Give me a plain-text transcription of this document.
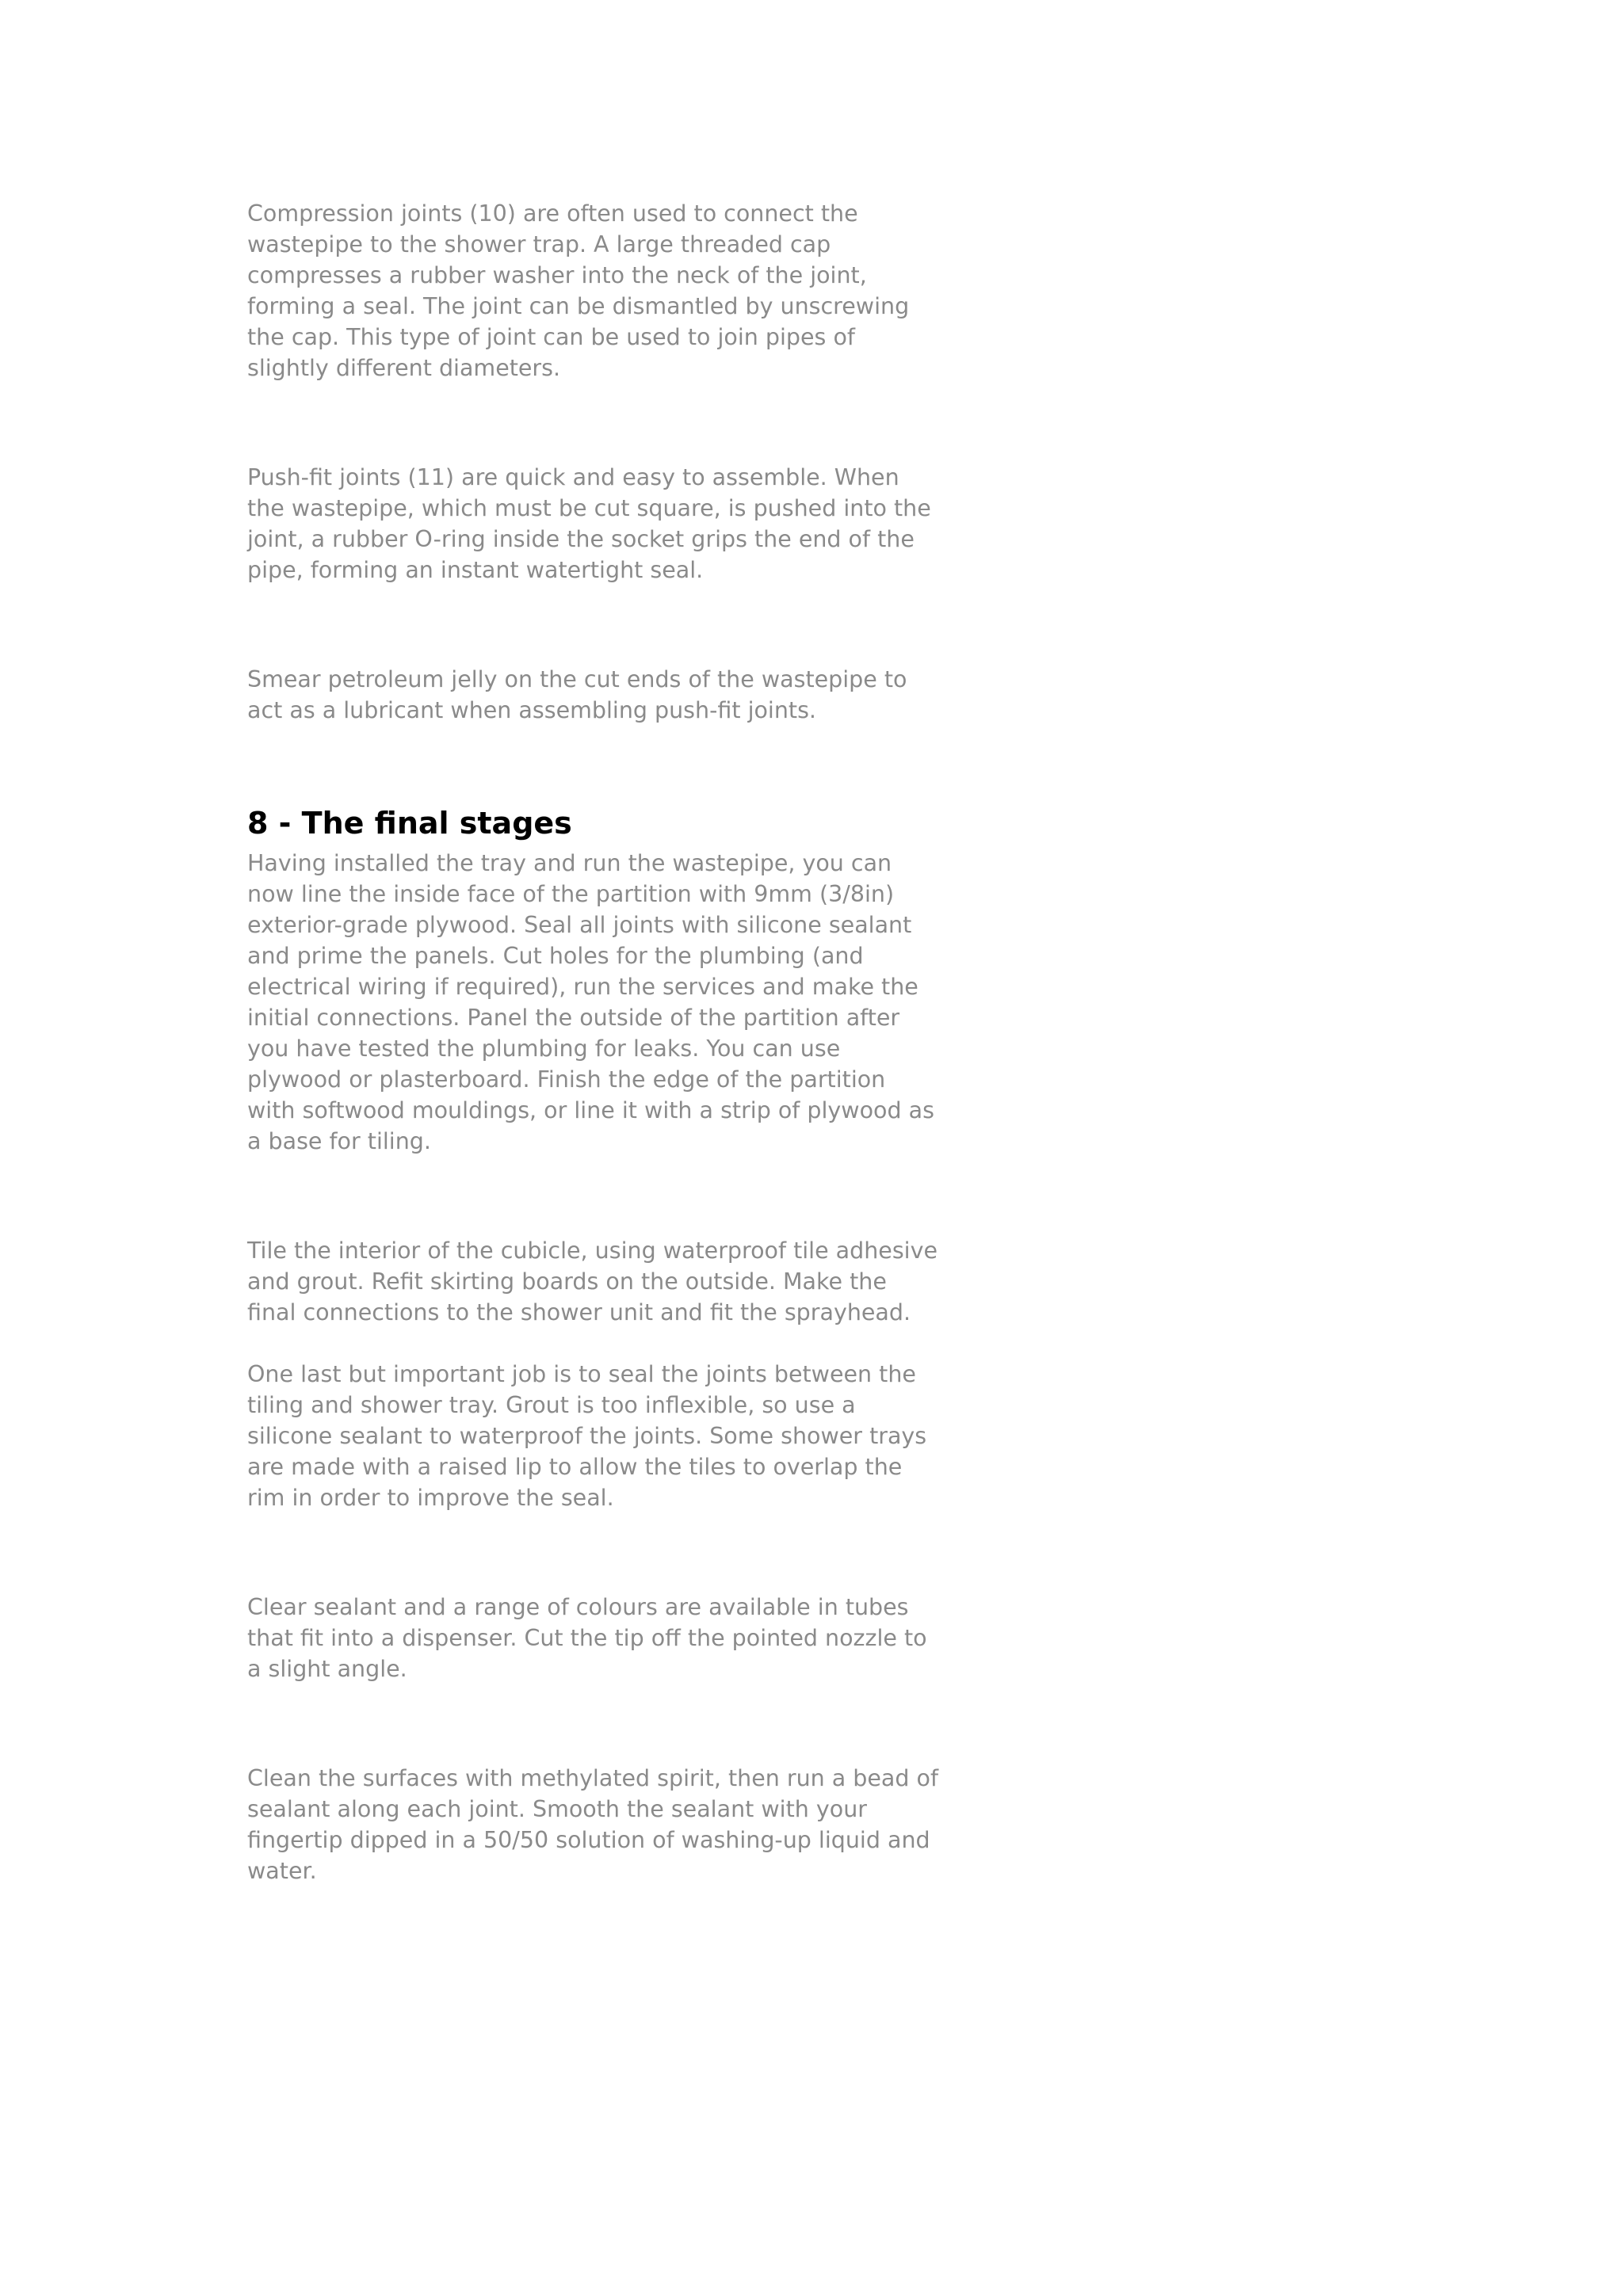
Compression joints (10) are often used to connect the
wastepipe to the shower trap. A large threaded cap
compresses a rubber washer into the neck of the joint,
forming a seal. The joint can be dismantled by unscrewing
the cap. This type of joint can be used to join pipes of
slightly different diameters.

Push-fit joints (11) are quick and easy to assemble. When
the wastepipe, which must be cut square, is pushed into the
joint, a rubber O-ring inside the socket grips the end of the
pipe, forming an instant watertight seal.

Smear petroleum jelly on the cut ends of the wastepipe to
act as a lubricant when assembling push-fit joints.

8 - The final stages

Having installed the tray and run the wastepipe, you can
now line the inside face of the partition with 9mm (3/8in)
exterior-grade plywood. Seal all joints with silicone sealant
and prime the panels. Cut holes for the plumbing (and
electrical wiring if required), run the services and make the
initial connections. Panel the outside of the partition after
you have tested the plumbing for leaks. You can use
plywood or plasterboard. Finish the edge of the partition
with softwood mouldings, or line it with a strip of plywood as
a base for tiling.

Tile the interior of the cubicle, using waterproof tile adhesive
and grout. Refit skirting boards on the outside. Make the
final connections to the shower unit and fit the sprayhead.

One last but important job is to seal the joints between the
tiling and shower tray. Grout is too inflexible, so use a
silicone sealant to waterproof the joints. Some shower trays
are made with a raised lip to allow the tiles to overlap the
rim in order to improve the seal.

Clear sealant and a range of colours are available in tubes
that fit into a dispenser. Cut the tip off the pointed nozzle to
a slight angle.

Clean the surfaces with methylated spirit, then run a bead of
sealant along each joint. Smooth the sealant with your
fingertip dipped in a 50/50 solution of washing-up liquid and
water.
